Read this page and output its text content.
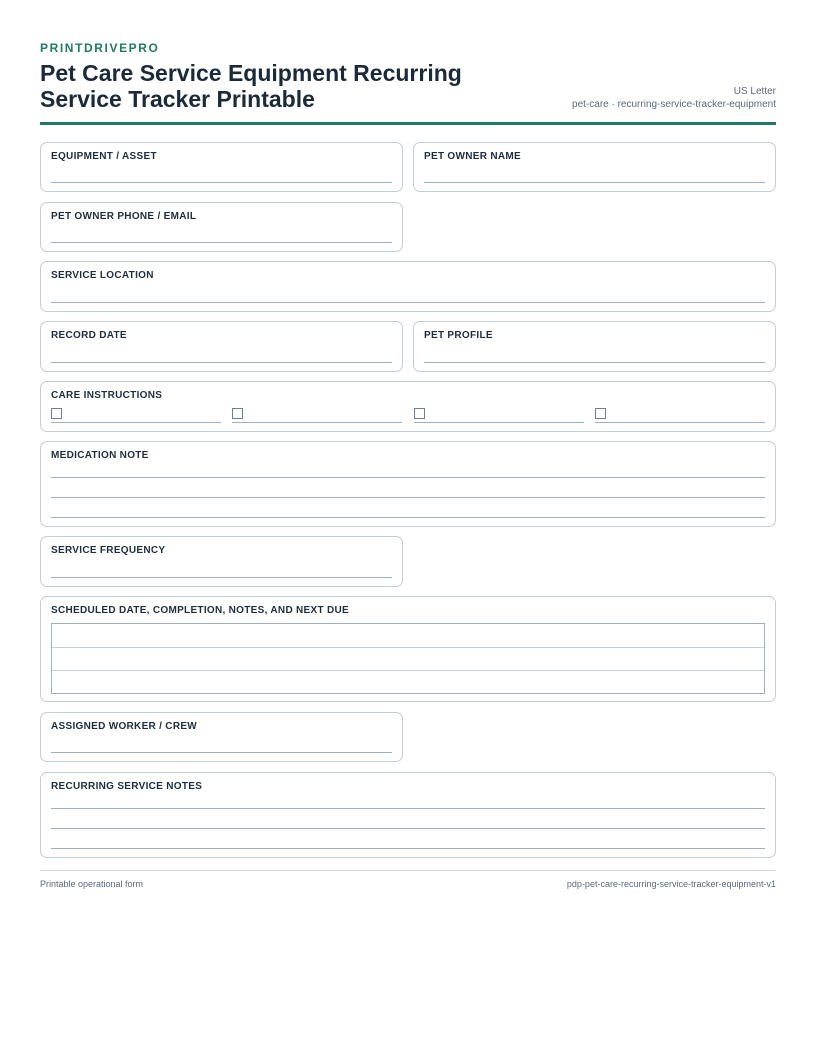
PRINTDRIVEPRO
Pet Care Service Equipment Recurring Service Tracker Printable	US Letter
pet-care · recurring-service-tracker-equipment
EQUIPMENT / ASSET	PET OWNER NAME
PET OWNER PHONE / EMAIL
SERVICE LOCATION
RECORD DATE	PET PROFILE
CARE INSTRUCTIONS
MEDICATION NOTE
SERVICE FREQUENCY
SCHEDULED DATE, COMPLETION, NOTES, AND NEXT DUE
ASSIGNED WORKER / CREW
RECURRING SERVICE NOTES
Printable operational form	pdp-pet-care-recurring-service-tracker-equipment-v1
